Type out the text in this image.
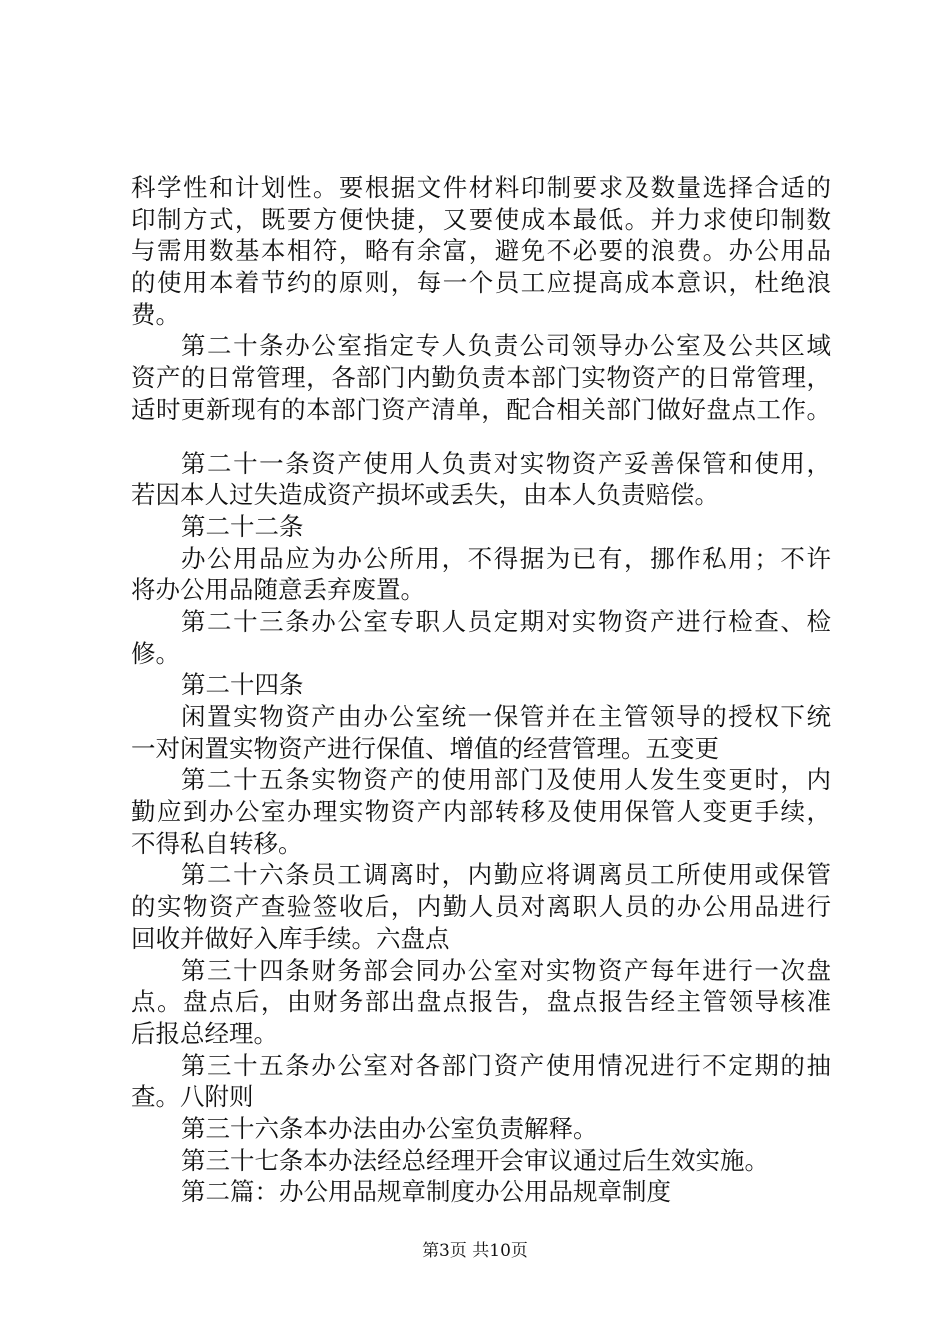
科学性和计划性。要根据文件材料印制要求及数量选择合适的
印制方式，既要方便快捷，又要使成本最低。并力求使印制数
与需用数基本相符，略有余富，避免不必要的浪费。办公用品
的使用本着节约的原则，每一个员工应提高成本意识，杜绝浪
费。
第二十条办公室指定专人负责公司领导办公室及公共区域
资产的日常管理，各部门内勤负责本部门实物资产的日常管理，
适时更新现有的本部门资产清单，配合相关部门做好盘点工作。
第二十一条资产使用人负责对实物资产妥善保管和使用，
若因本人过失造成资产损坏或丢失，由本人负责赔偿。
第二十二条
办公用品应为办公所用，不得据为已有，挪作私用；不许
将办公用品随意丢弃废置。
第二十三条办公室专职人员定期对实物资产进行检查、检
修。
第二十四条
闲置实物资产由办公室统一保管并在主管领导的授权下统
一对闲置实物资产进行保值、增值的经营管理。五变更
第二十五条实物资产的使用部门及使用人发生变更时，内
勤应到办公室办理实物资产内部转移及使用保管人变更手续，
不得私自转移。
第二十六条员工调离时，内勤应将调离员工所使用或保管
的实物资产查验签收后，内勤人员对离职人员的办公用品进行
回收并做好入库手续。六盘点
第三十四条财务部会同办公室对实物资产每年进行一次盘
点。盘点后，由财务部出盘点报告，盘点报告经主管领导核准
后报总经理。
第三十五条办公室对各部门资产使用情况进行不定期的抽
查。八附则
第三十六条本办法由办公室负责解释。
第三十七条本办法经总经理开会审议通过后生效实施。
第二篇：办公用品规章制度办公用品规章制度
第3页 共10页
